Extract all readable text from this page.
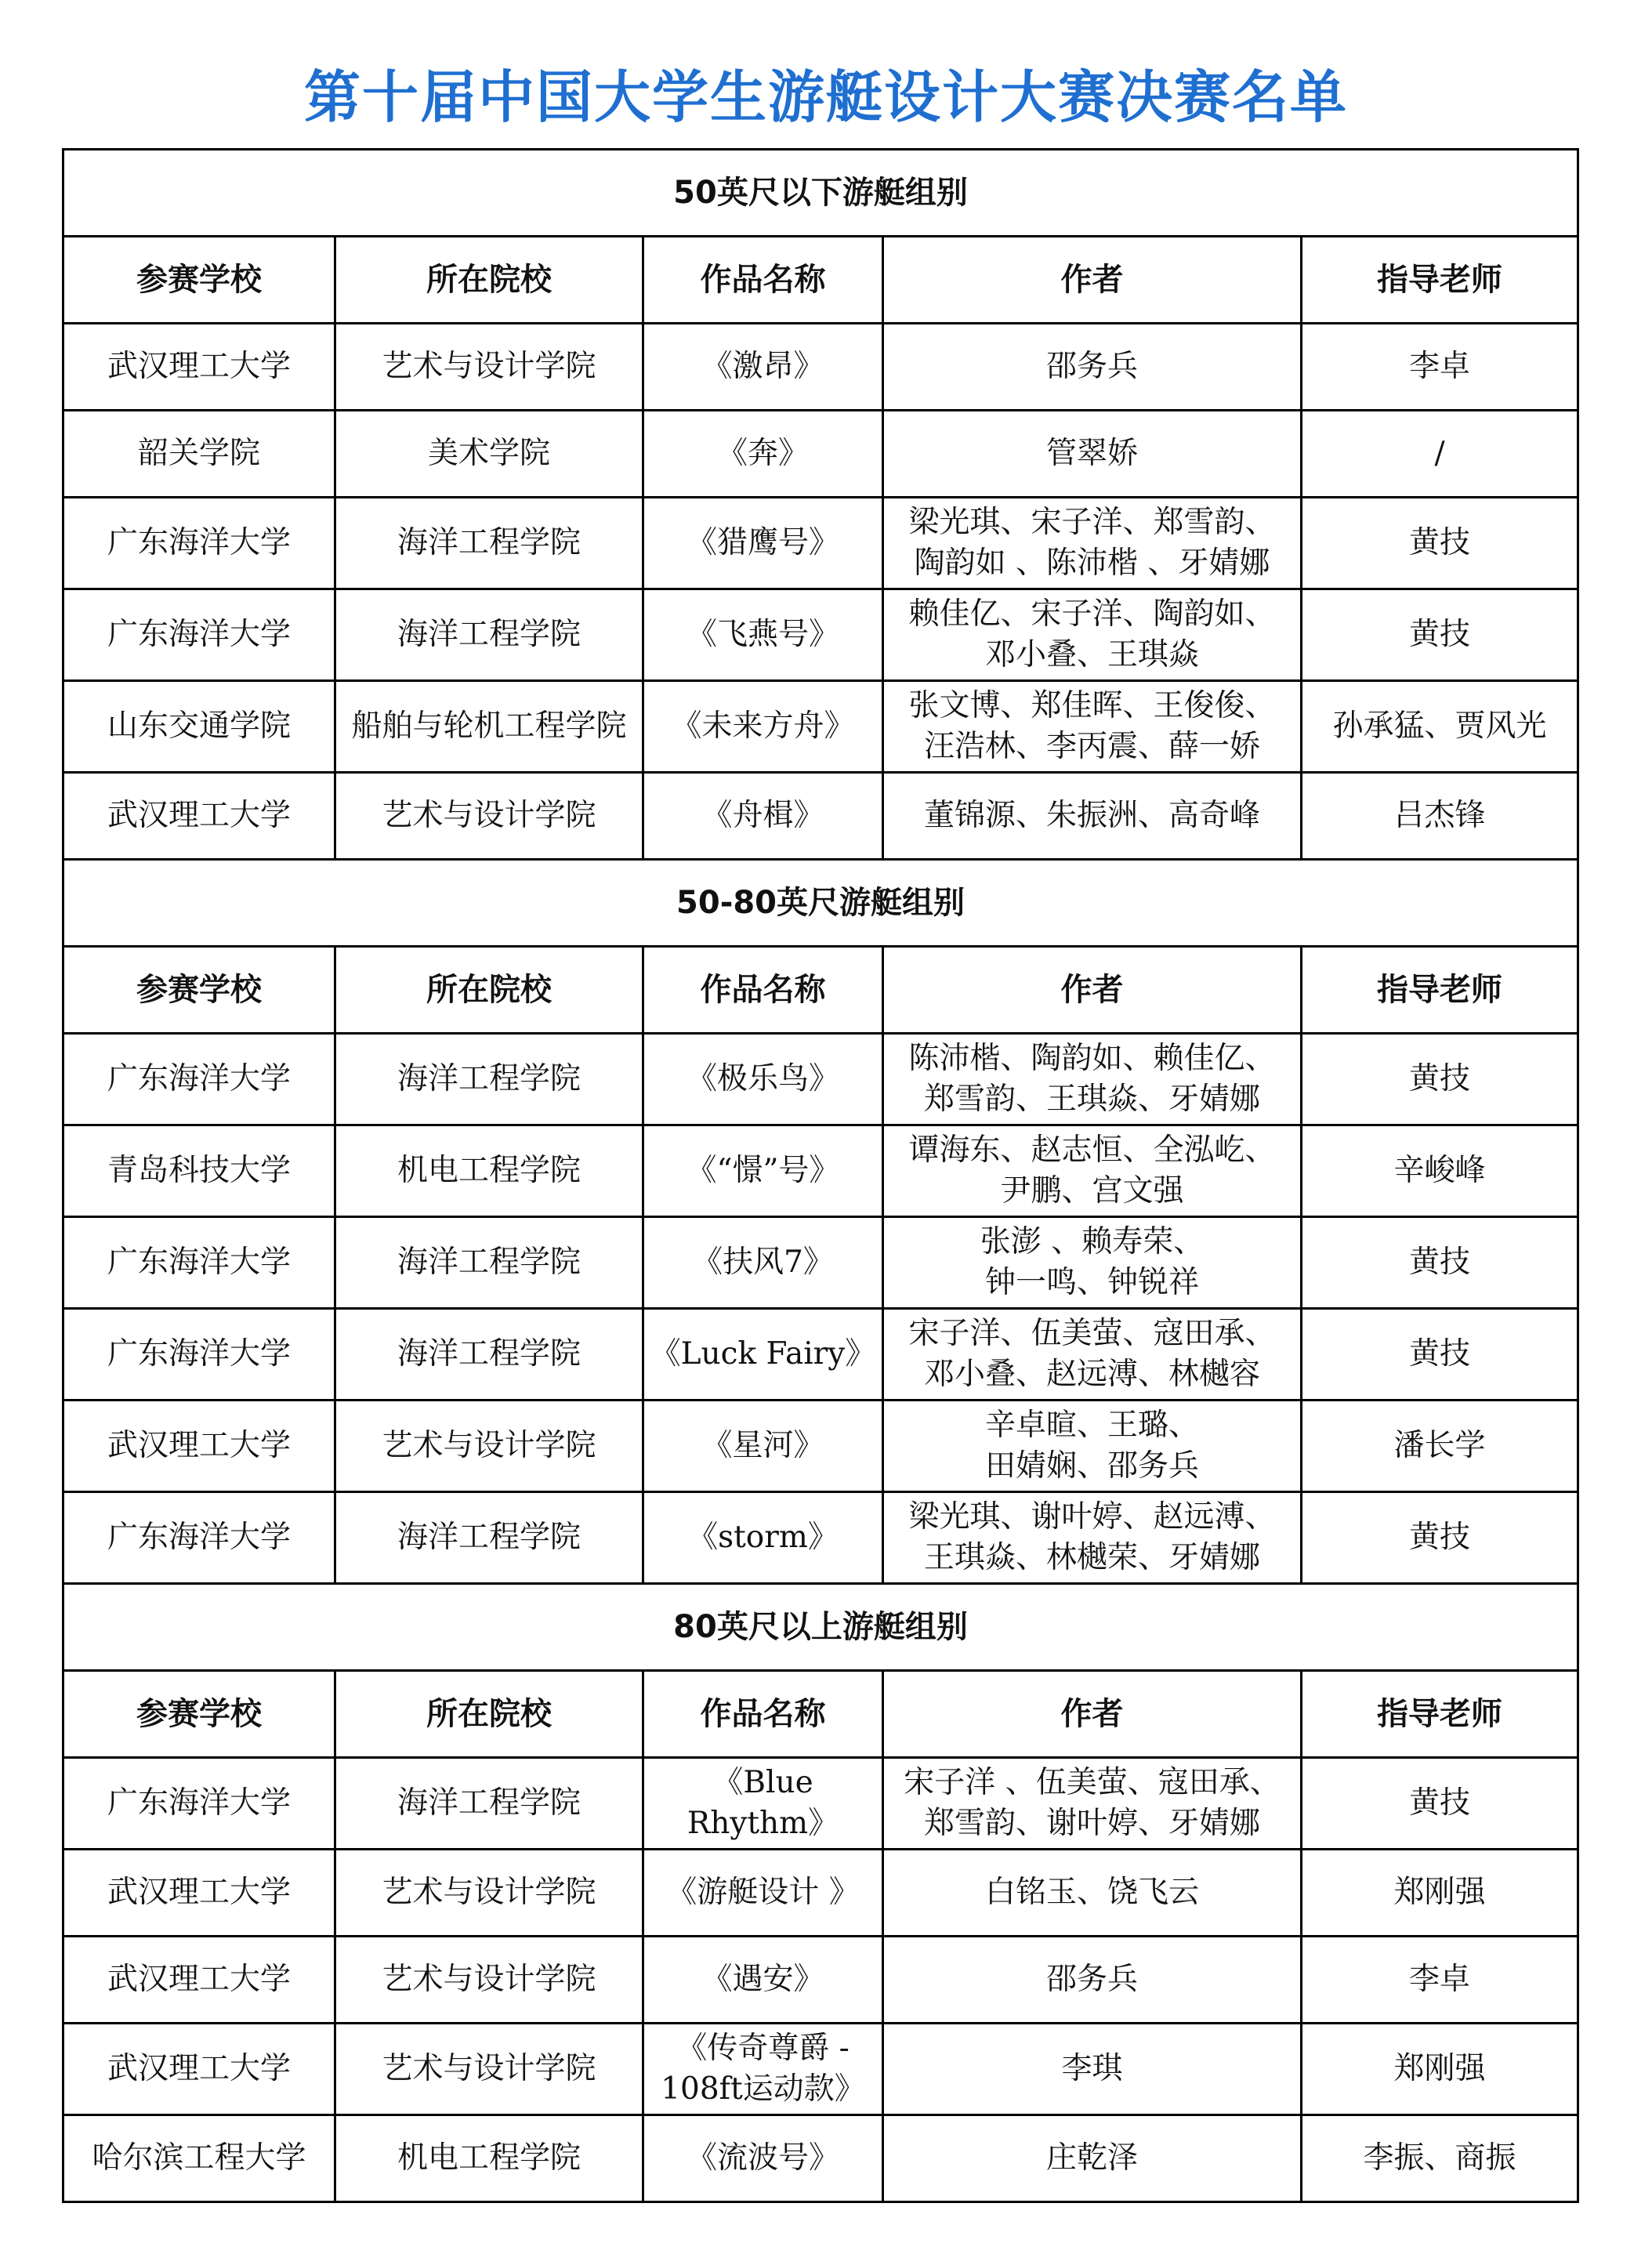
第十届中国大学生游艇设计大赛决赛名单
50英尺以下游艇组别				
参赛学校	所在院校	作品名称	作者	指导老师
武汉理工大学	艺术与设计学院	《激昂》	邵务兵	李卓
韶关学院	美术学院	《奔》	管翠娇	/
广东海洋大学	海洋工程学院	《猎鹰号》	梁光琪、宋子洋、郑雪韵、
陶韵如 、陈沛楷 、牙婧娜	黄技
广东海洋大学	海洋工程学院	《飞燕号》	赖佳亿、宋子洋、陶韵如、
邓小叠、王琪焱	黄技
山东交通学院	船舶与轮机工程学院	《未来方舟》	张文博、郑佳晖、王俊俊、
汪浩林、李丙震、薛一娇	孙承猛、贾风光
武汉理工大学	艺术与设计学院	《舟楫》	董锦源、朱振洲、高奇峰	吕杰锋
50-80英尺游艇组别				
参赛学校	所在院校	作品名称	作者	指导老师
广东海洋大学	海洋工程学院	《极乐鸟》	陈沛楷、陶韵如、赖佳亿、
郑雪韵、王琪焱、牙婧娜	黄技
青岛科技大学	机电工程学院	《“憬”号》	谭海东、赵志恒、全泓屹、
尹鹏、宫文强	辛峻峰
广东海洋大学	海洋工程学院	《扶风7》	张澎 、赖寿荣、
钟一鸣、钟锐祥	黄技
广东海洋大学	海洋工程学院	《Luck Fairy》	宋子洋、伍美萤、寇田承、
邓小叠、赵远溥、林樾容	黄技
武汉理工大学	艺术与设计学院	《星河》	辛卓暄、王璐、
田婧娴、邵务兵	潘长学
广东海洋大学	海洋工程学院	《storm》	梁光琪、谢叶婷、赵远溥、
王琪焱、林樾荣、牙婧娜	黄技
80英尺以上游艇组别				
参赛学校	所在院校	作品名称	作者	指导老师
广东海洋大学	海洋工程学院	《Blue Rhythm》	宋子洋 、伍美萤、寇田承、
郑雪韵、谢叶婷、牙婧娜	黄技
武汉理工大学	艺术与设计学院	《游艇设计 》	白铭玉、饶飞云	郑刚强
武汉理工大学	艺术与设计学院	《遇安》	邵务兵	李卓
武汉理工大学	艺术与设计学院	《传奇尊爵 -
108ft运动款》	李琪	郑刚强
哈尔滨工程大学	机电工程学院	《流波号》	庄乾泽	李振、商振
